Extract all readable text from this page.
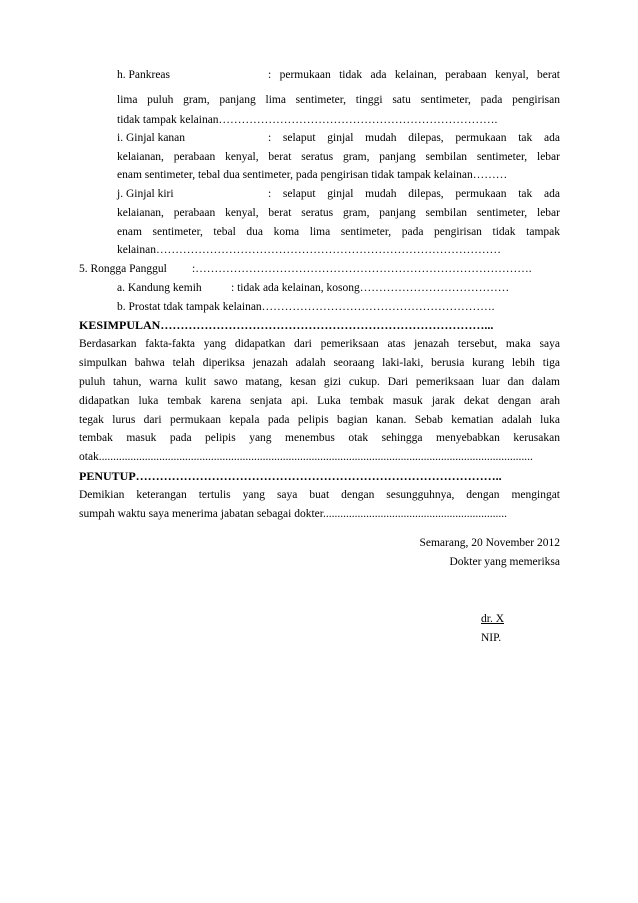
h. Pankreas	: permukaan tidak ada kelainan, perabaan kenyal, berat
lima puluh gram, panjang lima sentimeter, tinggi satu sentimeter, pada pengirisan
tidak tampak kelainan……………………………………………………………….
i. Ginjal kanan	: selaput ginjal mudah dilepas, permukaan tak ada
kelaianan, perabaan kenyal, berat seratus gram, panjang sembilan sentimeter, lebar
enam sentimeter, tebal dua sentimeter, pada pengirisan tidak tampak kelainan………
j. Ginjal kiri	: selaput ginjal mudah dilepas, permukaan tak ada
kelaianan, perabaan kenyal, berat seratus gram, panjang sembilan sentimeter, lebar
enam sentimeter, tebal dua koma lima sentimeter, pada pengirisan tidak tampak
kelainan………………………………………………………………………………
5. Rongga Panggul :…………………………………………………………………………….
a. Kandung kemih	: tidak ada kelainan, kosong…………………………………
b. Prostat tdak tampak kelainan…………………………………………………….
KESIMPULAN………………………………………………………………………...
Berdasarkan fakta-fakta yang didapatkan dari pemeriksaan atas jenazah tersebut, maka saya
simpulkan bahwa telah diperiksa jenazah adalah seoraang laki-laki, berusia kurang lebih tiga
puluh tahun, warna kulit sawo matang, kesan gizi cukup. Dari pemeriksaan luar dan dalam
didapatkan luka tembak karena senjata api. Luka tembak masuk jarak dekat dengan arah
tegak lurus dari permukaan kepala pada pelipis bagian kanan. Sebab kematian adalah luka
tembak masuk pada pelipis yang menembus otak sehingga menyebabkan kerusakan
otak.......................................................................................................................................................
PENUTUP………………………………………………………………………………..
Demikian keterangan tertulis yang saya buat dengan sesungguhnya, dengan mengingat
sumpah waktu saya menerima jabatan sebagai dokter................................................................
Semarang, 20 November 2012
Dokter yang memeriksa
dr. X
NIP.
